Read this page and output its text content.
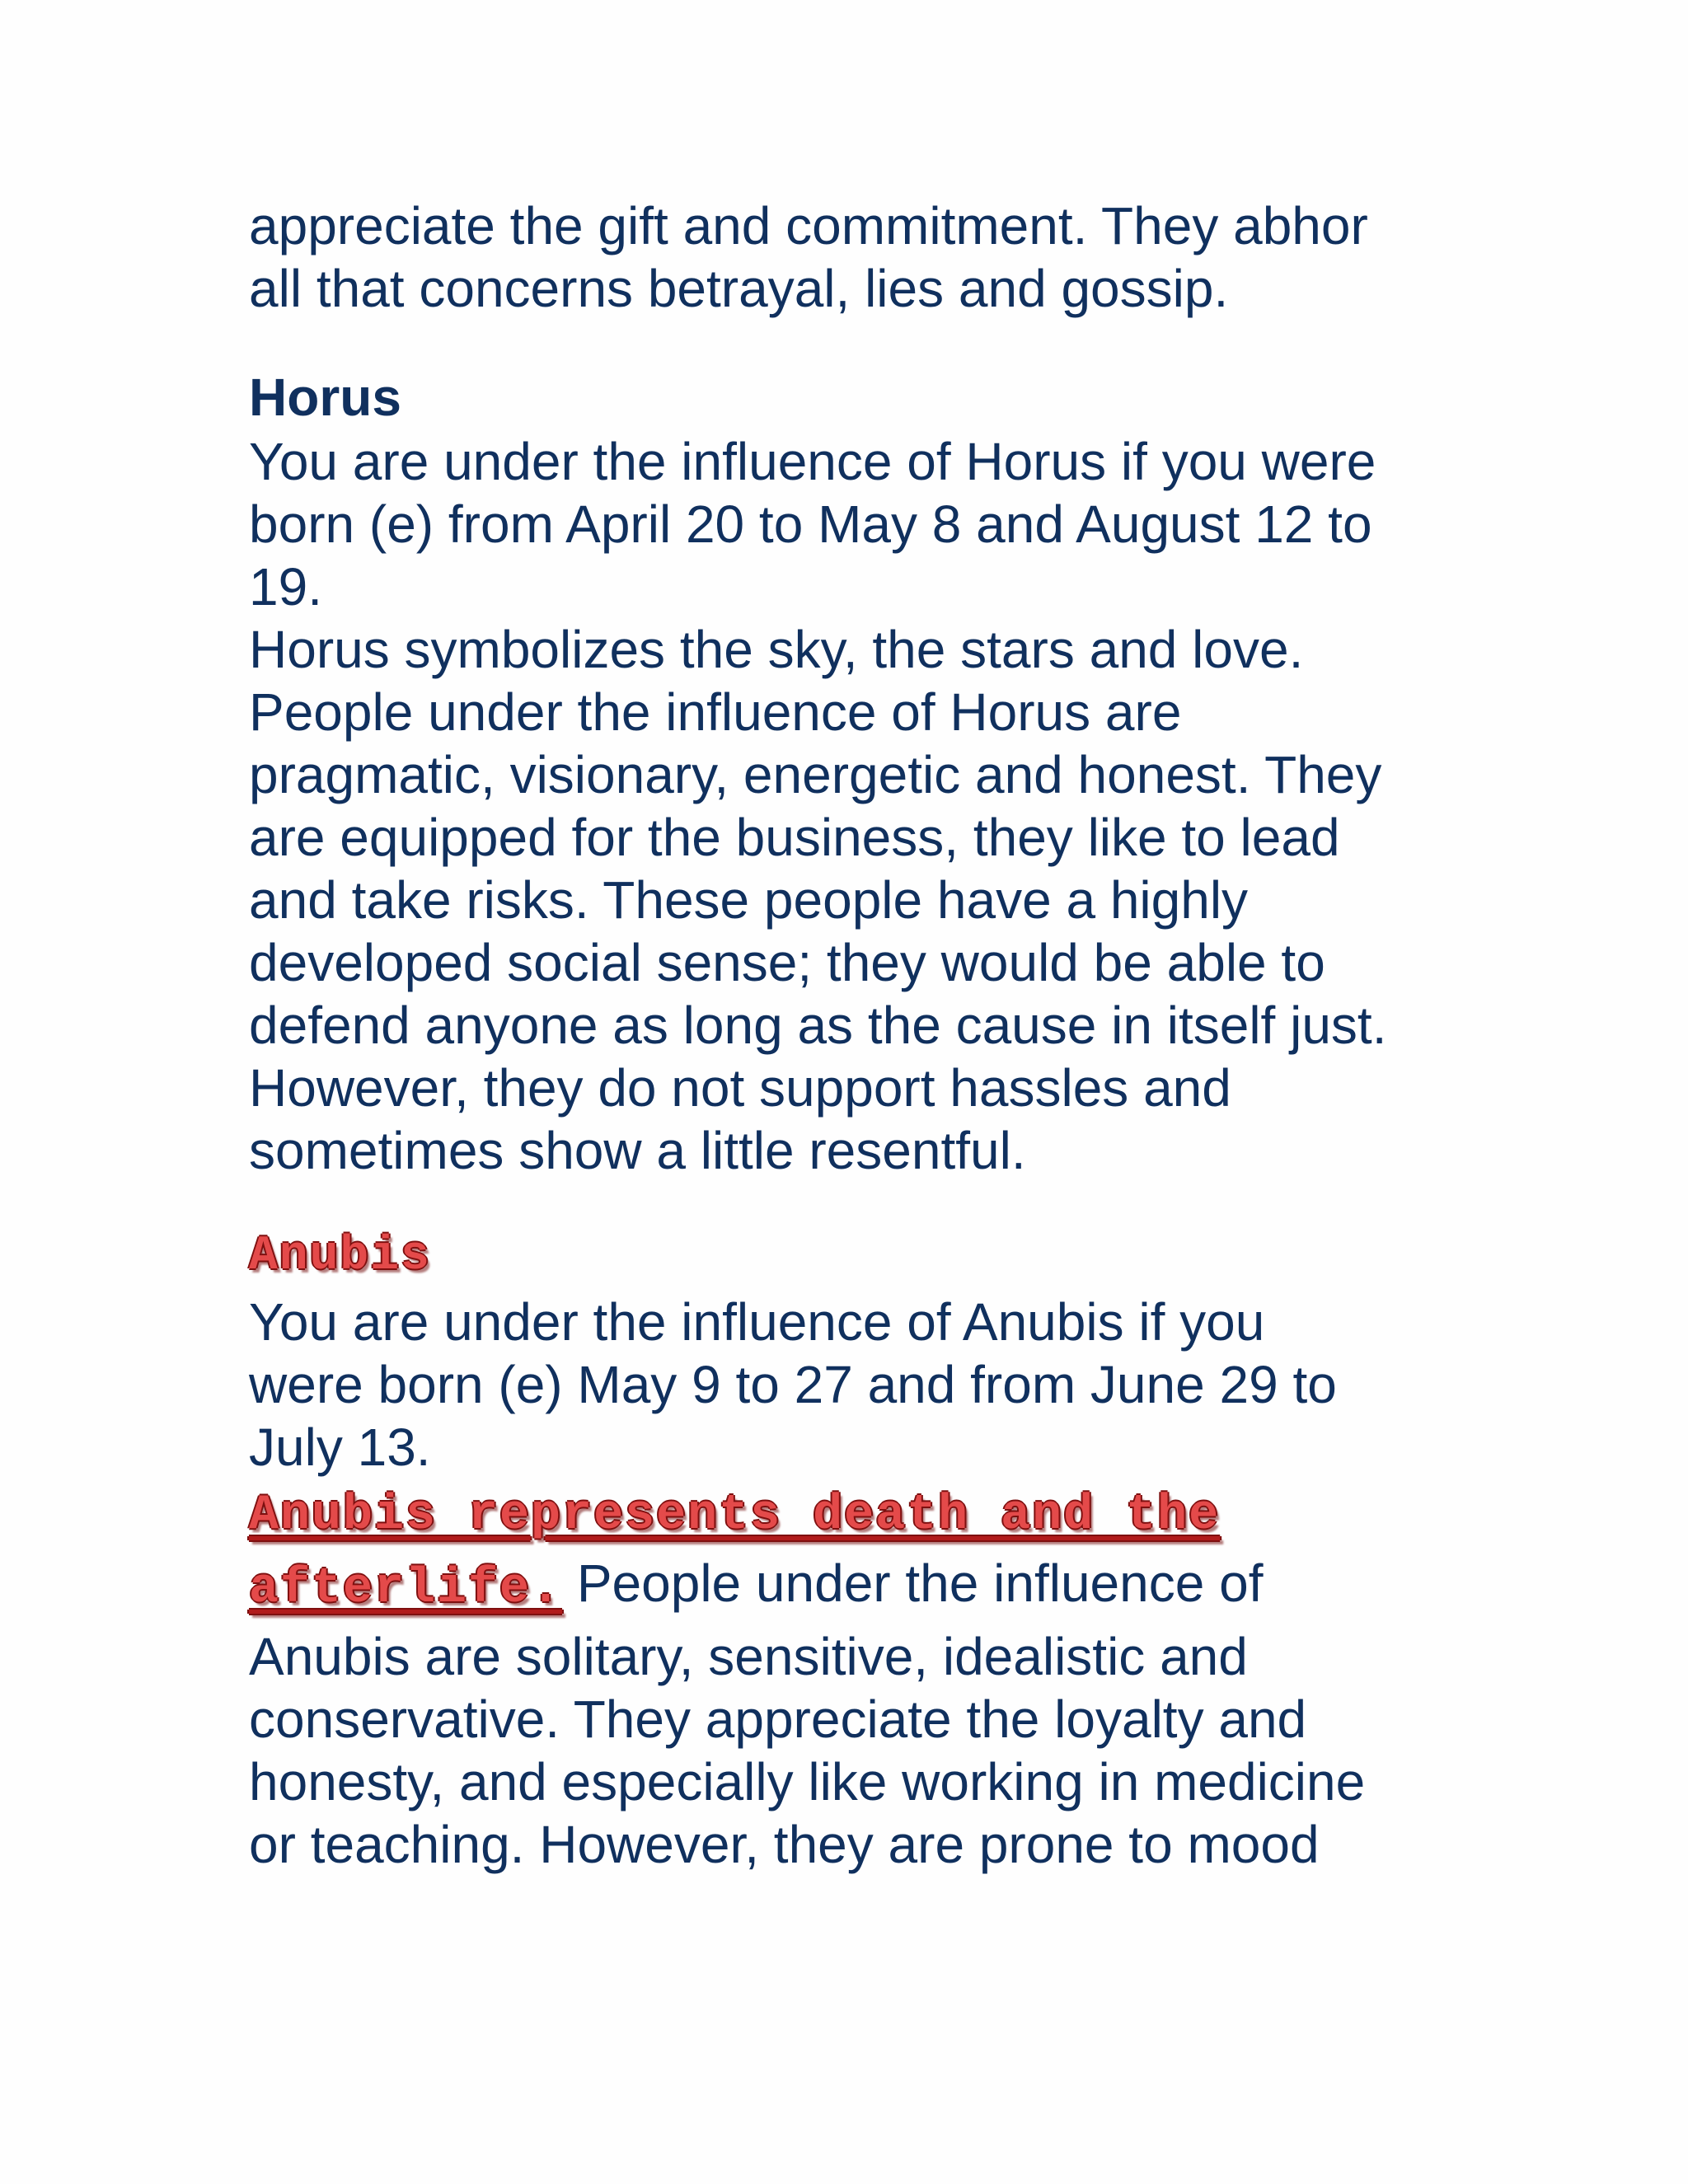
appreciate the gift and commitment. They abhor

all that concerns betrayal, lies and gossip.

Horus

You are under the influence of Horus if you were

born (e) from April 20 to May 8 and August 12 to

19.

Horus symbolizes the sky, the stars and love.

People under the influence of Horus are

pragmatic, visionary, energetic and honest. They

are equipped for the business, they like to lead

and take risks. These people have a highly

developed social sense; they would be able to

defend anyone as long as the cause in itself just.

However, they do not support hassles and

sometimes show a little resentful.

Anubis

You are under the influence of Anubis if you

were born (e) May 9 to 27 and from June 29 to

July 13.

Anubis represents death and the

afterlife. People under the influence of

Anubis are solitary, sensitive, idealistic and

conservative. They appreciate the loyalty and

honesty, and especially like working in medicine

or teaching. However, they are prone to mood
